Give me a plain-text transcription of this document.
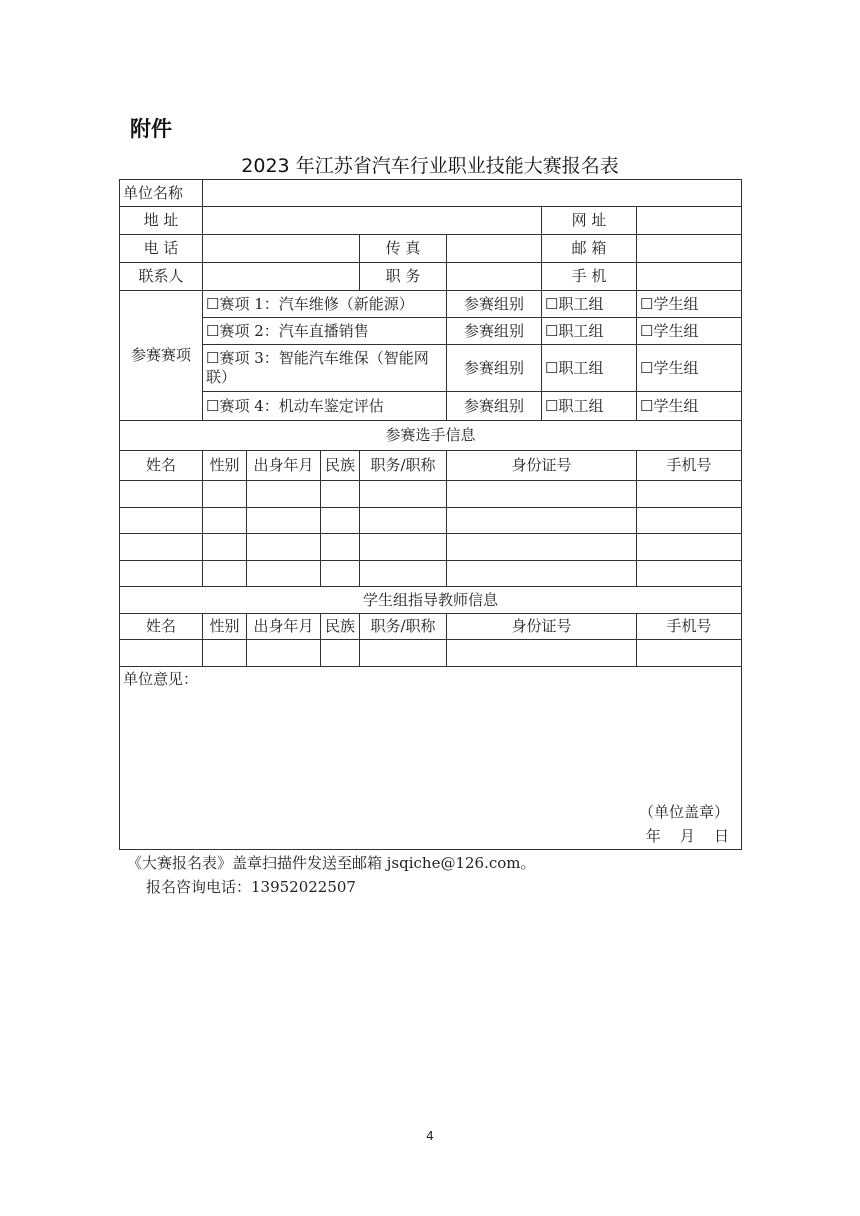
附件
2023 年江苏省汽车行业职业技能大赛报名表
单位名称							
地 址						网 址	
电 话				传 真		邮 箱	
联系人				职 务		手 机	
参赛赛项	☐赛项 1：汽车维修（新能源）				参赛组别	☐职工组	☐学生组
	☐赛项 2：汽车直播销售				参赛组别	☐职工组	☐学生组
	☐赛项 3：智能汽车维保（智能网联）				参赛组别	☐职工组	☐学生组
	☐赛项 4：机动车鉴定评估				参赛组别	☐职工组	☐学生组
参赛选手信息							
姓名	性别	出身年月	民族	职务/职称	身份证号		手机号

学生组指导教师信息							
姓名	性别	出身年月	民族	职务/职称	身份证号		手机号

单位意见：
（单位盖章）
年    月    日							
《大赛报名表》盖章扫描件发送至邮箱 jsqiche@126.com。
报名咨询电话：13952022507
4
